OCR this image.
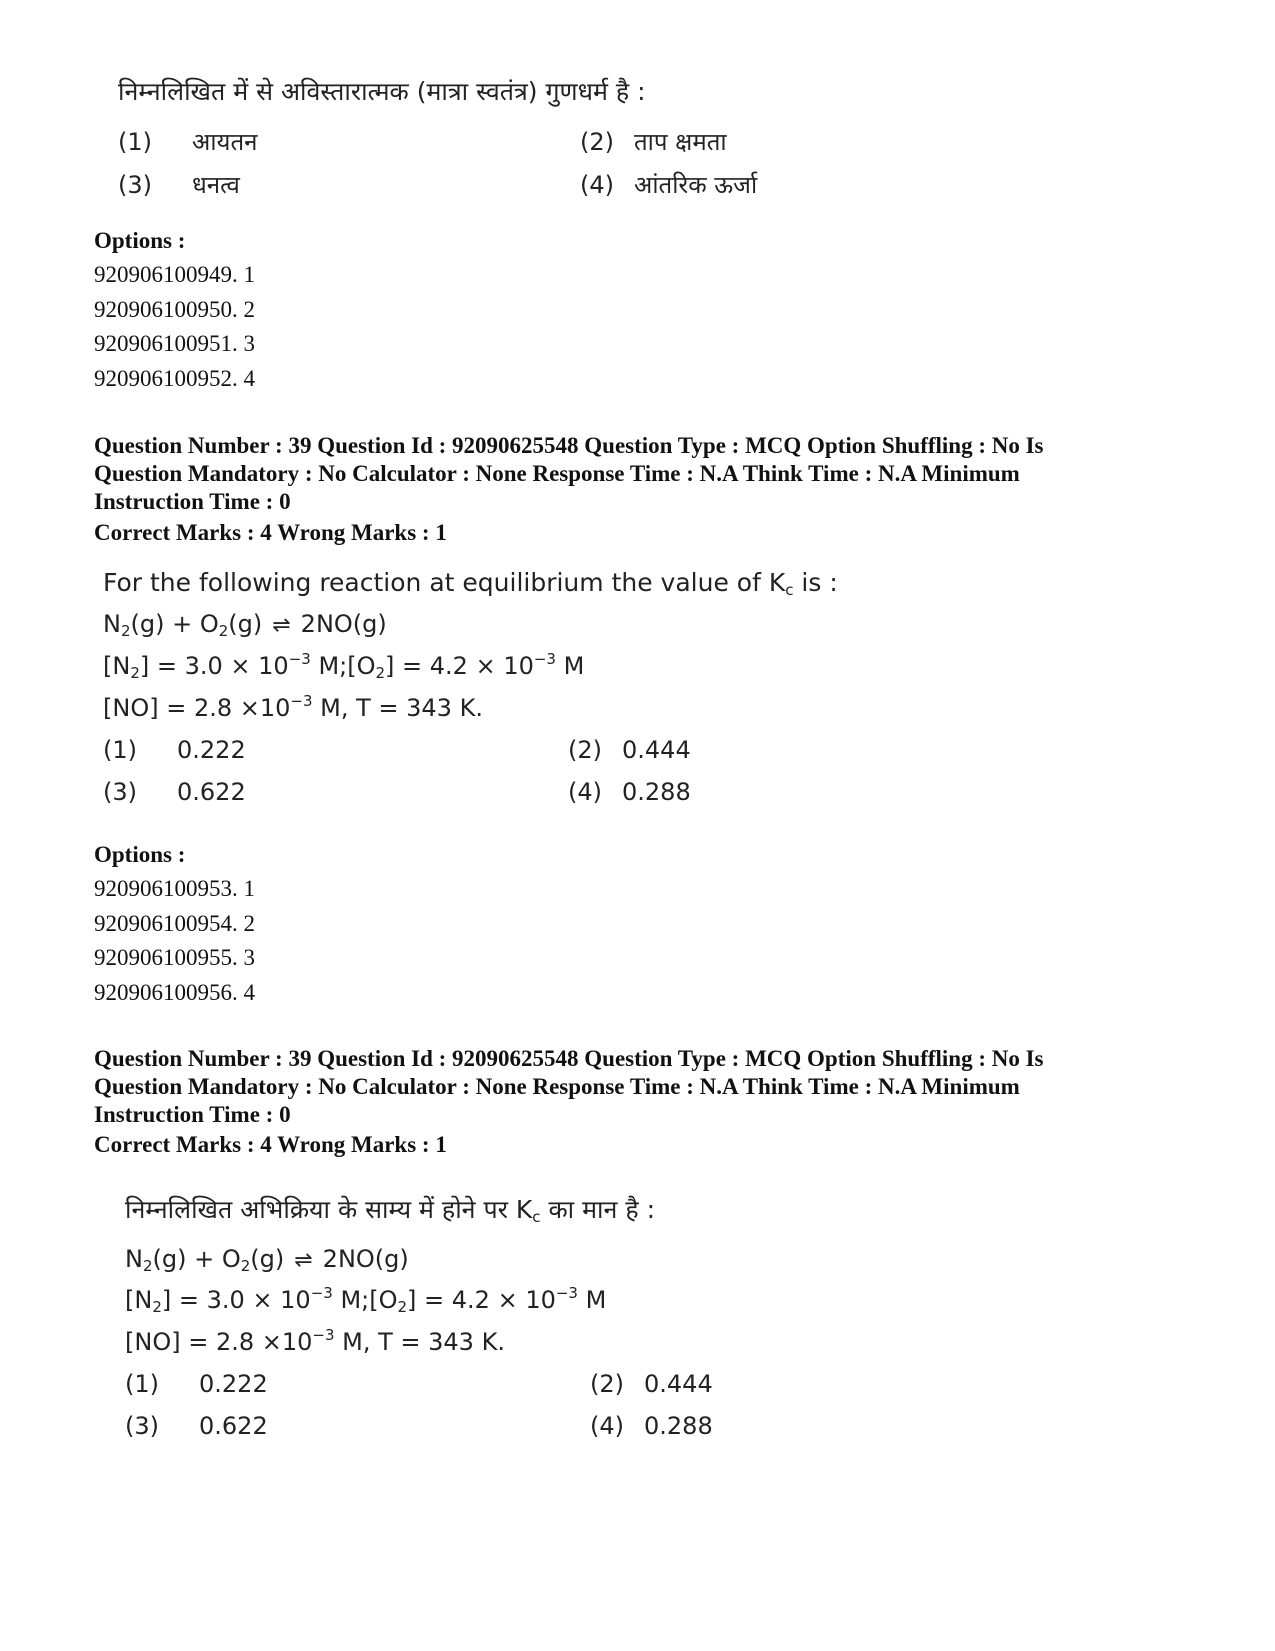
निम्नलिखित में से अविस्तारात्मक (मात्रा स्वतंत्र) गुणधर्म है :
(1) आयतन	(2) ताप क्षमता
(3) धनत्व	(4) आंतरिक ऊर्जा
Options :
920906100949. 1
920906100950. 2
920906100951. 3
920906100952. 4
Question Number : 39 Question Id : 92090625548 Question Type : MCQ Option Shuffling : No Is
Question Mandatory : No Calculator : None Response Time : N.A Think Time : N.A Minimum
Instruction Time : 0
Correct Marks : 4 Wrong Marks : 1
For the following reaction at equilibrium the value of $K_c$ is :
$N_2(g) + O_2(g)$ ⇌ 2NO(g)
$[N_2] = 3.0 \times 10^{-3}$ $M;[O_2] = 4.2 \times 10^{-3}$ M
$[NO] = 2.8 \times 10^{-3}$ M, T = 343 K.
(1) 0.222	(2) 0.444
(3) 0.622	(4) 0.288
Options :
920906100953. 1
920906100954. 2
920906100955. 3
920906100956. 4
Question Number : 39 Question Id : 92090625548 Question Type : MCQ Option Shuffling : No Is
Question Mandatory : No Calculator : None Response Time : N.A Think Time : N.A Minimum
Instruction Time : 0
Correct Marks : 4 Wrong Marks : 1
निम्नलिखित अभिक्रिया के साम्य में होने पर $K_c$ का मान है :
$N_2(g) + O_2(g)$ ⇌ 2NO(g)
$[N_2] = 3.0 \times 10^{-3}$ $M;[O_2] = 4.2 \times 10^{-3}$ M
$[NO] = 2.8 \times 10^{-3}$ M, T = 343 K.
(1) 0.222	(2) 0.444
(3) 0.622	(4) 0.288
